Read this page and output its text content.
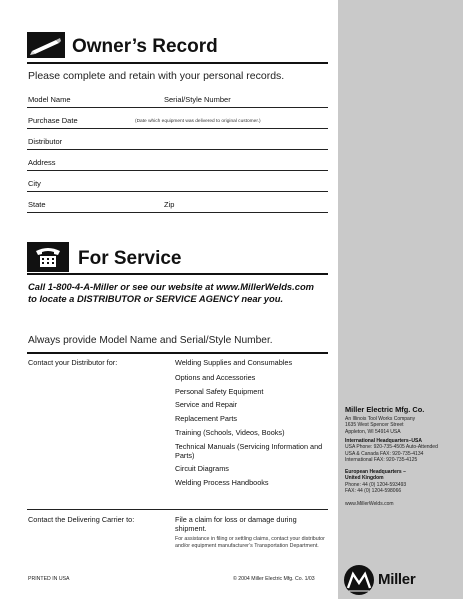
Owner’s Record
Please complete and retain with your personal records.
Model Name	Serial/Style Number
Purchase Date	(Date which equipment was delivered to original customer.)
Distributor
Address
City
State	Zip
For Service
Call 1-800-4-A-Miller or see our website at www.MillerWelds.com
to locate a DISTRIBUTOR or SERVICE AGENCY near you.
Always provide Model Name and Serial/Style Number.
Contact your Distributor for:	Welding Supplies and Consumables
Options and Accessories
Personal Safety Equipment
Service and Repair
Replacement Parts
Training (Schools, Videos, Books)
Technical Manuals (Servicing Information and Parts)
Circuit Diagrams
Welding Process Handbooks
Contact the Delivering Carrier to:	File a claim for loss or damage during shipment.
For assistance in filing or settling claims, contact your distributor and/or equipment manufacturer’s Transportation Department.
PRINTED IN USA	© 2004 Miller Electric Mfg. Co. 1/03
Miller Electric Mfg. Co.
An Illinois Tool Works Company
1635 West Spencer Street
Appleton, WI 54914 USA
International Headquarters–USA
USA Phone: 920-735-4505 Auto-Attended
USA & Canada FAX: 920-735-4134
International FAX: 920-735-4125
European Headquarters –
United Kingdom
Phone: 44 (0) 1204-593493
FAX: 44 (0) 1204-598066
www.MillerWelds.com
Miller
